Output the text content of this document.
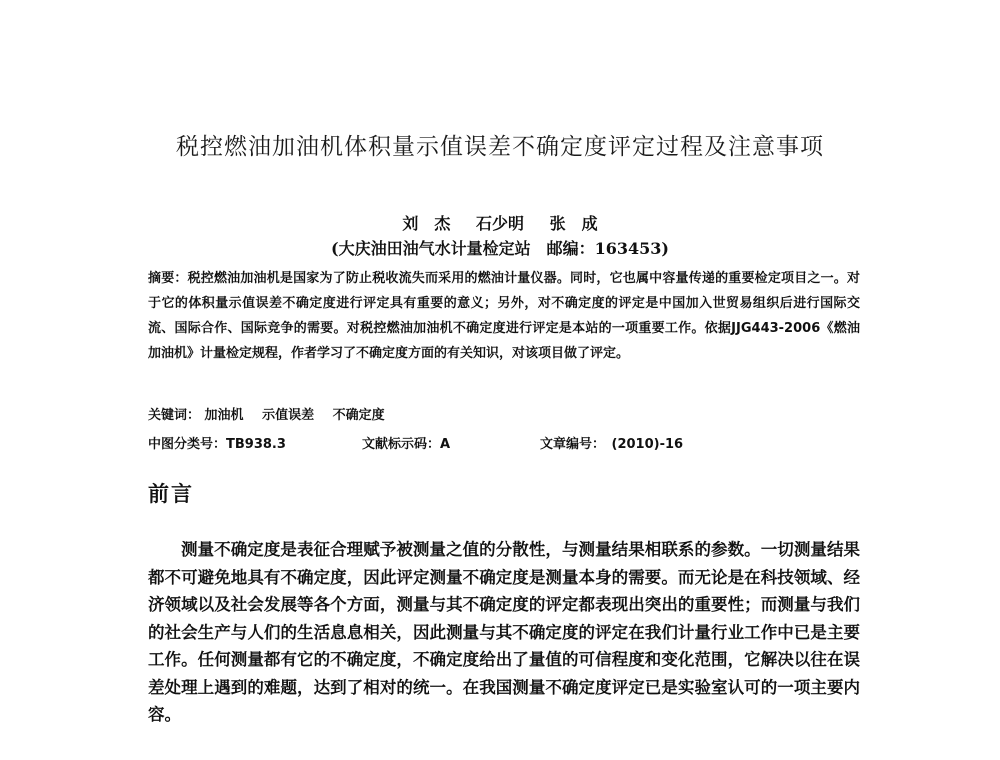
税控燃油加油机体积量示值误差不确定度评定过程及注意事项
刘　杰 石少明 张　成
(大庆油田油气水计量检定站　邮编：163453)
摘要：税控燃油加油机是国家为了防止税收流失而采用的燃油计量仪器。同时，它也属中容量传递的重要检定项目之一。对于它的体积量示值误差不确定度进行评定具有重要的意义；另外，对不确定度的评定是中国加入世贸易组织后进行国际交流、国际合作、国际竞争的需要。对税控燃油加油机不确定度进行评定是本站的一项重要工作。依据JJG443-2006《燃油加油机》计量检定规程，作者学习了不确定度方面的有关知识，对该项目做了评定。
关键词： 加油机 示值误差 不确定度
中图分类号：TB938.3	文献标示码：A	文章编号：　(2010)-16
前言
测量不确定度是表征合理赋予被测量之值的分散性，与测量结果相联系的参数。一切测量结果都不可避免地具有不确定度，因此评定测量不确定度是测量本身的需要。而无论是在科技领域、经济领域以及社会发展等各个方面，测量与其不确定度的评定都表现出突出的重要性；而测量与我们的社会生产与人们的生活息息相关，因此测量与其不确定度的评定在我们计量行业工作中已是主要工作。任何测量都有它的不确定度，不确定度给出了量值的可信程度和变化范围，它解决以往在误差处理上遇到的难题，达到了相对的统一。在我国测量不确定度评定已是实验室认可的一项主要内容。
